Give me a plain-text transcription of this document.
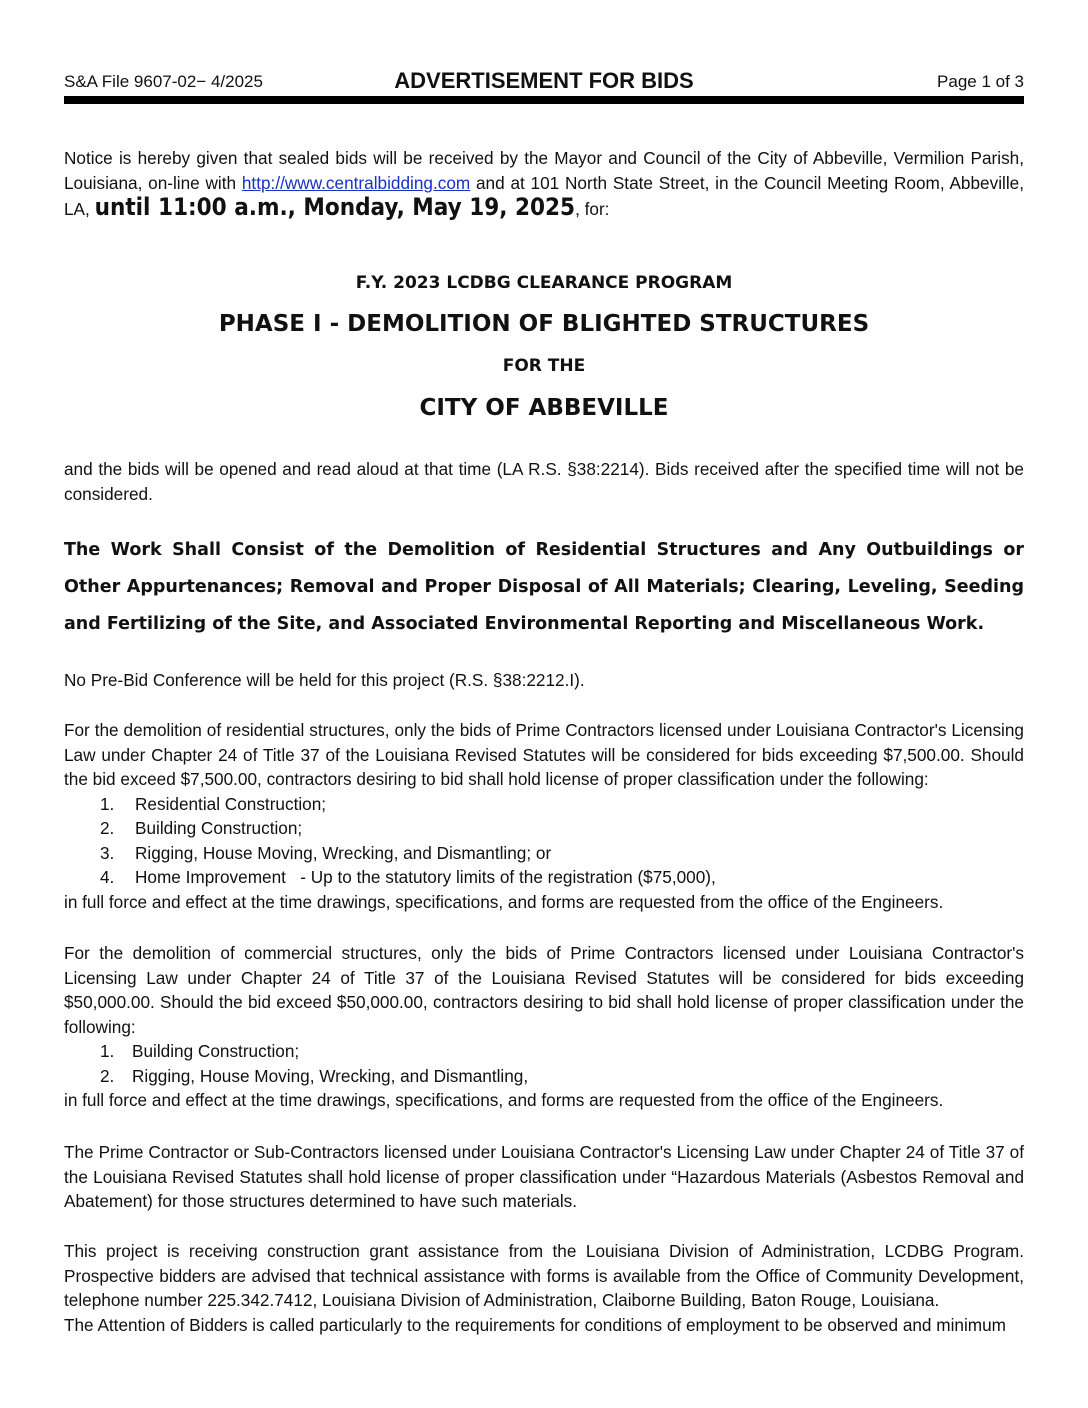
S&A File 9607-02− 4/2025	ADVERTISEMENT FOR BIDS	Page 1 of 3

Notice is hereby given that sealed bids will be received by the Mayor and Council of the City of Abbeville, Vermilion Parish, Louisiana, on-line with http://www.centralbidding.com and at 101 North State Street, in the Council Meeting Room, Abbeville, LA, until 11:00 a.m., Monday, May 19, 2025, for:

F.Y. 2023 LCDBG CLEARANCE PROGRAM

PHASE I - DEMOLITION OF BLIGHTED STRUCTURES

FOR THE

CITY OF ABBEVILLE

and the bids will be opened and read aloud at that time (LA R.S. §38:2214). Bids received after the specified time will not be considered.

The Work Shall Consist of the Demolition of Residential Structures and Any Outbuildings or Other Appurtenances; Removal and Proper Disposal of All Materials; Clearing, Leveling, Seeding and Fertilizing of the Site, and Associated Environmental Reporting and Miscellaneous Work.

No Pre-Bid Conference will be held for this project (R.S. §38:2212.I).

For the demolition of residential structures, only the bids of Prime Contractors licensed under Louisiana Contractor's Licensing Law under Chapter 24 of Title 37 of the Louisiana Revised Statutes will be considered for bids exceeding $7,500.00. Should the bid exceed $7,500.00, contractors desiring to bid shall hold license of proper classification under the following:
1. Residential Construction;
2. Building Construction;
3. Rigging, House Moving, Wrecking, and Dismantling; or
4. Home Improvement   - Up to the statutory limits of the registration ($75,000),
in full force and effect at the time drawings, specifications, and forms are requested from the office of the Engineers.
For the demolition of commercial structures, only the bids of Prime Contractors licensed under Louisiana Contractor's Licensing Law under Chapter 24 of Title 37 of the Louisiana Revised Statutes will be considered for bids exceeding $50,000.00. Should the bid exceed $50,000.00, contractors desiring to bid shall hold license of proper classification under the following:
1. Building Construction;
2. Rigging, House Moving, Wrecking, and Dismantling,
in full force and effect at the time drawings, specifications, and forms are requested from the office of the Engineers.

The Prime Contractor or Sub-Contractors licensed under Louisiana Contractor's Licensing Law under Chapter 24 of Title 37 of the Louisiana Revised Statutes shall hold license of proper classification under “Hazardous Materials (Asbestos Removal and Abatement) for those structures determined to have such materials.

This project is receiving construction grant assistance from the Louisiana Division of Administration, LCDBG Program. Prospective bidders are advised that technical assistance with forms is available from the Office of Community Development, telephone number 225.342.7412, Louisiana Division of Administration, Claiborne Building, Baton Rouge, Louisiana.

The Attention of Bidders is called particularly to the requirements for conditions of employment to be observed and minimum
